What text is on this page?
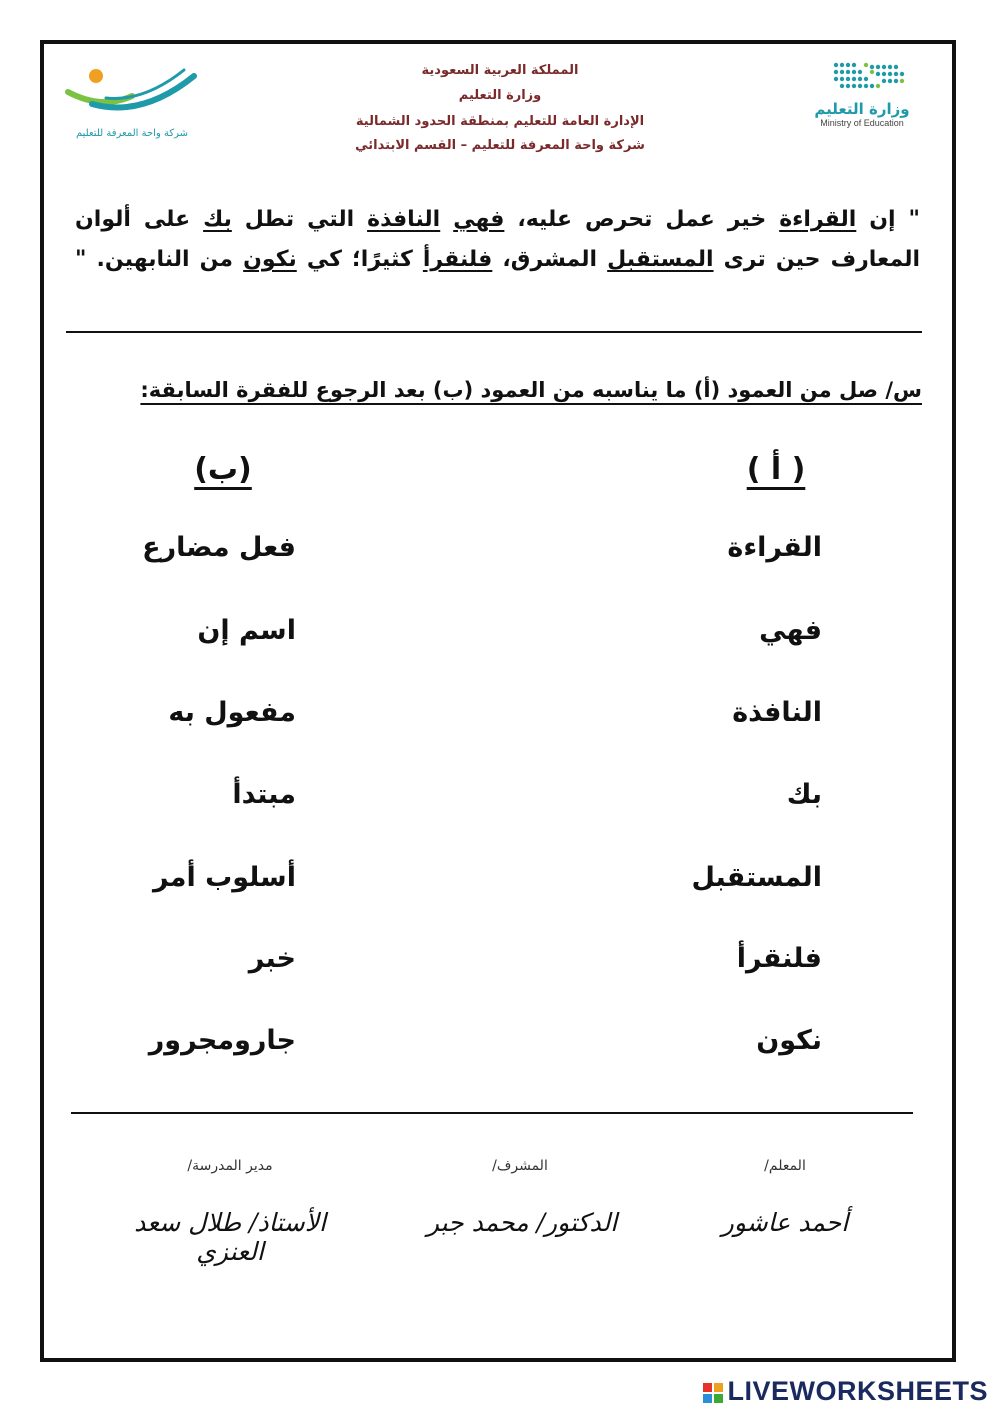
شركة واحة المعرفة للتعليم
وزارة التعليم
Ministry of Education
المملكة العربية السعودية
وزارة التعليم
الإدارة العامة للتعليم بمنطقة الحدود الشمالية
شركة واحة المعرفة للتعليم – القسم الابتدائي
" إن القراءة خير عمل تحرص عليه، فهي النافذة التي تطل بك على ألوان
المعارف حين ترى المستقبل المشرق، فلنقرأ كثيرًا؛ كي نكون من النابهين. "
س/ صل من العمود (أ) ما يناسبه من العمود (ب) بعد الرجوع للفقرة السابقة:
( أ )
(ب)
القراءة
فهي
النافذة
بك
المستقبل
فلنقرأ
نكون
فعل مضارع
اسم إن
مفعول به
مبتدأ
أسلوب أمر
خبر
جارومجرور
المعلم/
المشرف/
مدير المدرسة/
أحمد عاشور
الدكتور/ محمد جبر
الأستاذ/ طلال سعد العنزي
LIVEWORKSHEETS
